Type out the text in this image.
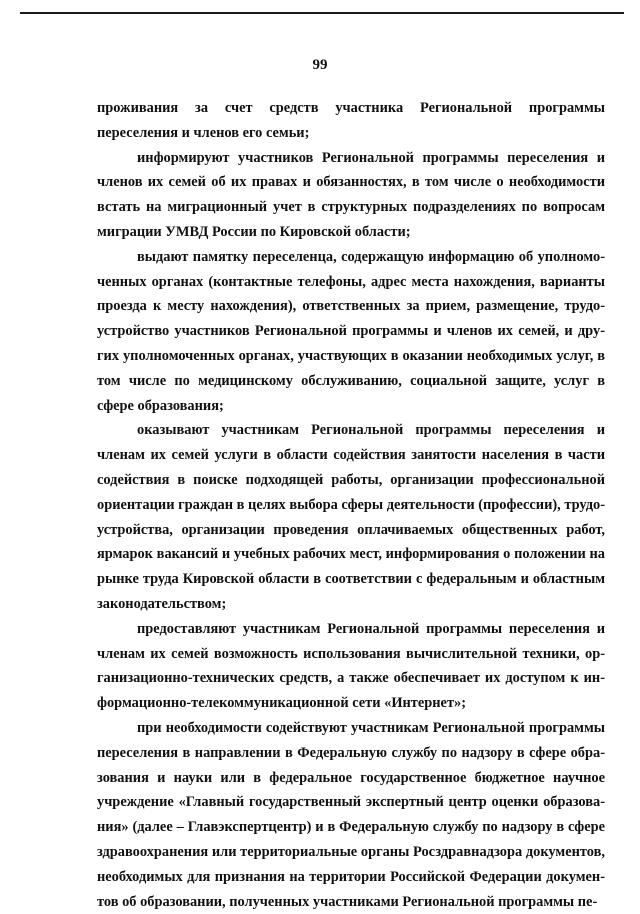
99

проживания за счет средств участника Региональной программы переселения и членов его семьи;

информируют участников Региональной программы переселения и членов их семей об их правах и обязанностях, в том числе о необходимости встать на миграционный учет в структурных подразделениях по вопросам миграции УМВД России по Кировской области;

выдают памятку переселенца, содержащую информацию об уполномоченных органах (контактные телефоны, адрес места нахождения, варианты проезда к месту нахождения), ответственных за прием, размещение, трудоустройство участников Региональной программы и членов их семей, и других уполномоченных органах, участвующих в оказании необходимых услуг, в том числе по медицинскому обслуживанию, социальной защите, услуг в сфере образования;

оказывают участникам Региональной программы переселения и членам их семей услуги в области содействия занятости населения в части содействия в поиске подходящей работы, организации профессиональной ориентации граждан в целях выбора сферы деятельности (профессии), трудоустройства, организации проведения оплачиваемых общественных работ, ярмарок вакансий и учебных рабочих мест, информирования о положении на рынке труда Кировской области в соответствии с федеральным и областным законодательством;

предоставляют участникам Региональной программы переселения и членам их семей возможность использования вычислительной техники, организационно-технических средств, а также обеспечивает их доступом к информационно-телекоммуникационной сети «Интернет»;

при необходимости содействуют участникам Региональной программы переселения в направлении в Федеральную службу по надзору в сфере образования и науки или в федеральное государственное бюджетное научное учреждение «Главный государственный экспертный центр оценки образования» (далее – Главэкспертцентр) и в Федеральную службу по надзору в сфере здравоохранения или территориальные органы Росздравнадзора документов, необходимых для признания на территории Российской Федерации документов об образовании, полученных участниками Региональной программы пе-
